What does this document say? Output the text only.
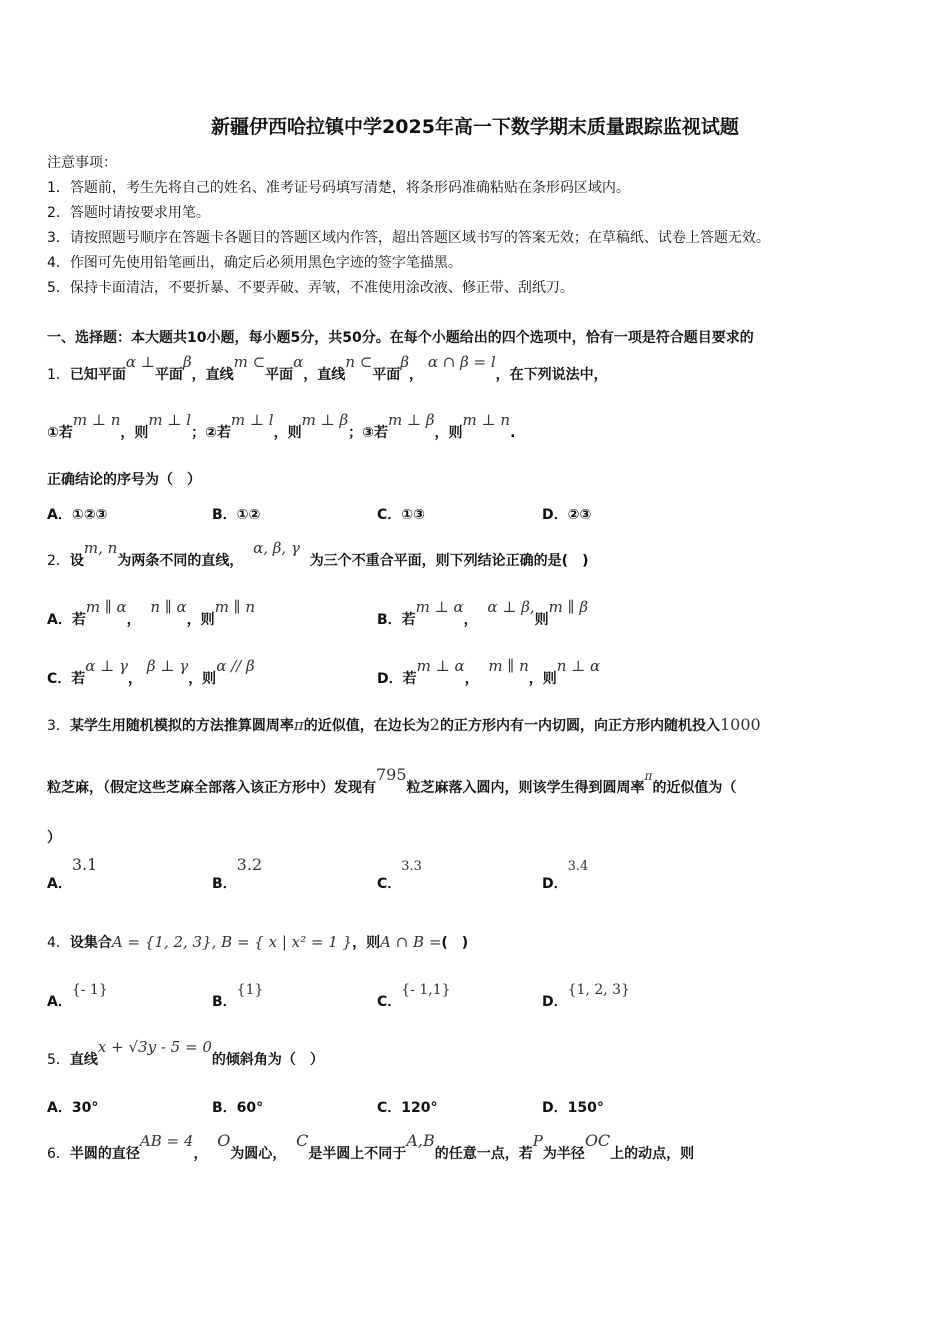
新疆伊西哈拉镇中学2025年高一下数学期末质量跟踪监视试题
注意事项：
1．答题前，考生先将自己的姓名、准考证号码填写清楚，将条形码准确粘贴在条形码区域内。
2．答题时请按要求用笔。
3．请按照题号顺序在答题卡各题目的答题区域内作答，超出答题区域书写的答案无效；在草稿纸、试卷上答题无效。
4．作图可先使用铅笔画出，确定后必须用黑色字迹的签字笔描黑。
5．保持卡面清洁，不要折暴、不要弄破、弄皱，不准使用涂改液、修正带、刮纸刀。
一、选择题：本大题共10小题，每小题5分，共50分。在每个小题给出的四个选项中，恰有一项是符合题目要求的
1．已知平面α ⊥平面β，直线m ⊂平面α，直线n ⊂平面β， α ∩ β = l，在下列说法中，
①若m ⊥ n，则m ⊥ l；②若m ⊥ l，则m ⊥ β；③若m ⊥ β，则m ⊥ n.
正确结论的序号为（　）
A．①②③	B．①②	C．①③	D．②③
2．设m, n为两条不同的直线，  α, β, γ  为三个不重合平面，则下列结论正确的是(　)
A．若m ∥ α，  n ∥ α，则m ∥ n
B．若m ⊥ α，  α ⊥ β,则m ∥ β
C．若α ⊥ γ， β ⊥ γ，则α // β
D．若m ⊥ α，  m ∥ n，则n ⊥ α
3．某学生用随机模拟的方法推算圆周率π的近似值，在边长为2的正方形内有一内切圆，向正方形内随机投入1000
粒芝麻，（假定这些芝麻全部落入该正方形中）发现有795粒芝麻落入圆内，则该学生得到圆周率π的近似值为（
）
A．3.1
B．3.2
C．3.3
D．3.4
4．设集合A = {1, 2, 3}, B = { x | x² = 1 }，则A ∩ B =(　)
A．{- 1}
B．{1}
C．{- 1,1}
D．{1, 2, 3}
5．直线x + √3y - 5 = 0的倾斜角为（　）
A．30°	B．60°	C．120°	D．150°
6．半圆的直径AB = 4，  O为圆心，  C是半圆上不同于A,B的任意一点，若P为半径OC上的动点，则
